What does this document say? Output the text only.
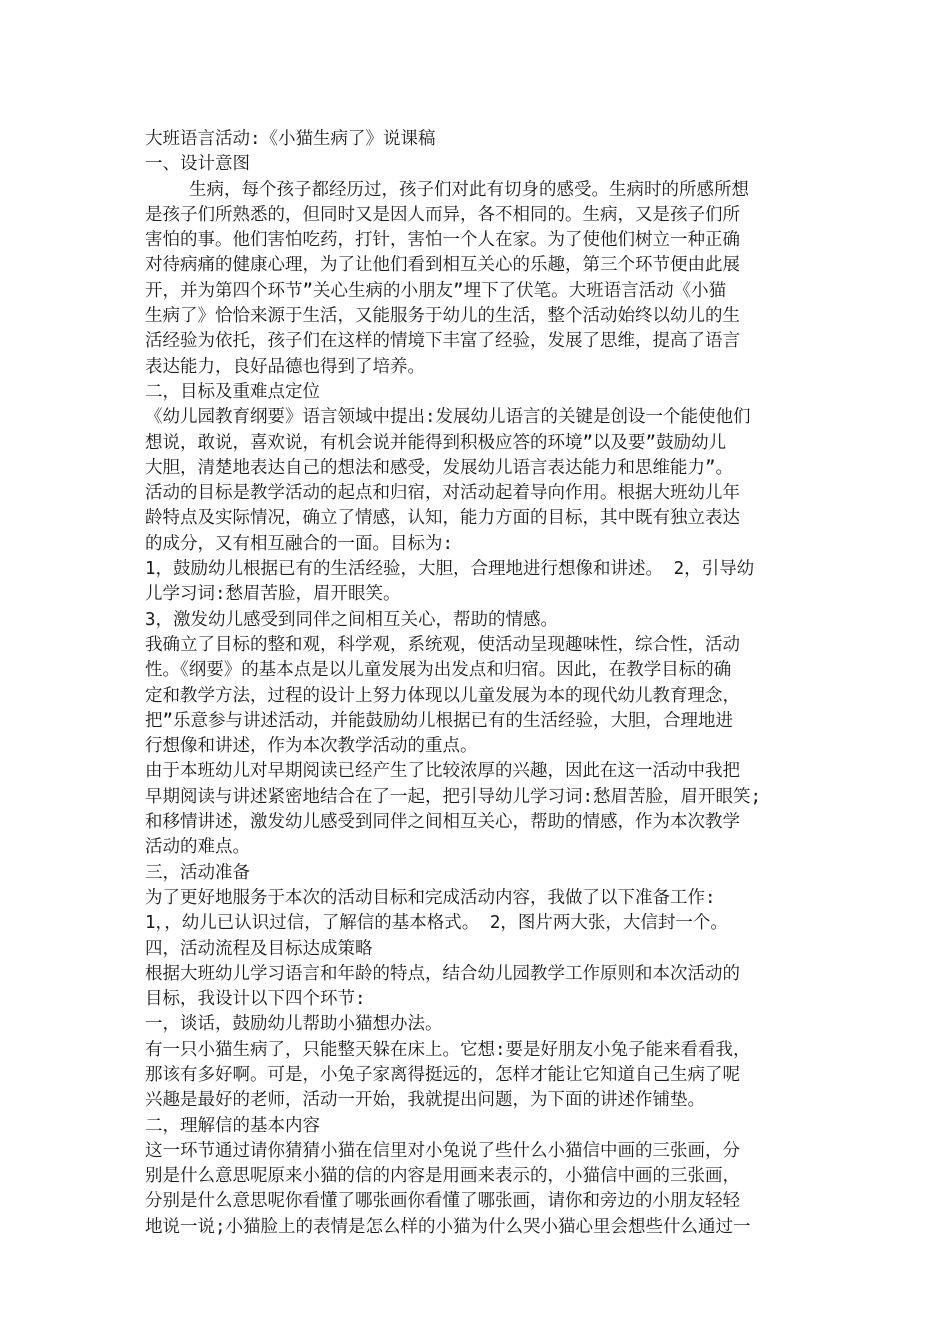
大班语言活动:《小猫生病了》说课稿
一、设计意图
生病，每个孩子都经历过，孩子们对此有切身的感受。生病时的所感所想
是孩子们所熟悉的，但同时又是因人而异，各不相同的。生病，又是孩子们所
害怕的事。他们害怕吃药，打针，害怕一个人在家。为了使他们树立一种正确
对待病痛的健康心理，为了让他们看到相互关心的乐趣，第三个环节便由此展
开，并为第四个环节”关心生病的小朋友”埋下了伏笔。大班语言活动《小猫
生病了》恰恰来源于生活，又能服务于幼儿的生活，整个活动始终以幼儿的生
活经验为依托，孩子们在这样的情境下丰富了经验，发展了思维，提高了语言
表达能力，良好品德也得到了培养。
二，目标及重难点定位
《幼儿园教育纲要》语言领域中提出:发展幼儿语言的关键是创设一个能使他们
想说，敢说，喜欢说，有机会说并能得到积极应答的环境”以及要”鼓励幼儿
大胆，清楚地表达自己的想法和感受，发展幼儿语言表达能力和思维能力”。
活动的目标是教学活动的起点和归宿，对活动起着导向作用。根据大班幼儿年
龄特点及实际情况，确立了情感，认知，能力方面的目标，其中既有独立表达
的成分，又有相互融合的一面。目标为:
1，鼓励幼儿根据已有的生活经验，大胆，合理地进行想像和讲述。 2，引导幼
儿学习词:愁眉苦脸，眉开眼笑。
3，激发幼儿感受到同伴之间相互关心，帮助的情感。
我确立了目标的整和观，科学观，系统观，使活动呈现趣味性，综合性，活动
性。《纲要》的基本点是以儿童发展为出发点和归宿。因此，在教学目标的确
定和教学方法，过程的设计上努力体现以儿童发展为本的现代幼儿教育理念，
把”乐意参与讲述活动，并能鼓励幼儿根据已有的生活经验，大胆，合理地进
行想像和讲述，作为本次教学活动的重点。
由于本班幼儿对早期阅读已经产生了比较浓厚的兴趣，因此在这一活动中我把
早期阅读与讲述紧密地结合在了一起，把引导幼儿学习词:愁眉苦脸，眉开眼笑;
和移情讲述，激发幼儿感受到同伴之间相互关心，帮助的情感，作为本次教学
活动的难点。
三，活动准备
为了更好地服务于本次的活动目标和完成活动内容，我做了以下准备工作:
1，，幼儿已认识过信，了解信的基本格式。 2，图片两大张，大信封一个。
四，活动流程及目标达成策略
根据大班幼儿学习语言和年龄的特点，结合幼儿园教学工作原则和本次活动的
目标，我设计以下四个环节:
一，谈话，鼓励幼儿帮助小猫想办法。
有一只小猫生病了，只能整天躲在床上。它想:要是好朋友小兔子能来看看我，
那该有多好啊。可是，小兔子家离得挺远的，怎样才能让它知道自己生病了呢
兴趣是最好的老师，活动一开始，我就提出问题，为下面的讲述作铺垫。
二，理解信的基本内容
这一环节通过请你猜猜小猫在信里对小兔说了些什么小猫信中画的三张画，分
别是什么意思呢原来小猫的信的内容是用画来表示的，小猫信中画的三张画，
分别是什么意思呢你看懂了哪张画你看懂了哪张画，请你和旁边的小朋友轻轻
地说一说;小猫脸上的表情是怎么样的小猫为什么哭小猫心里会想些什么通过一
